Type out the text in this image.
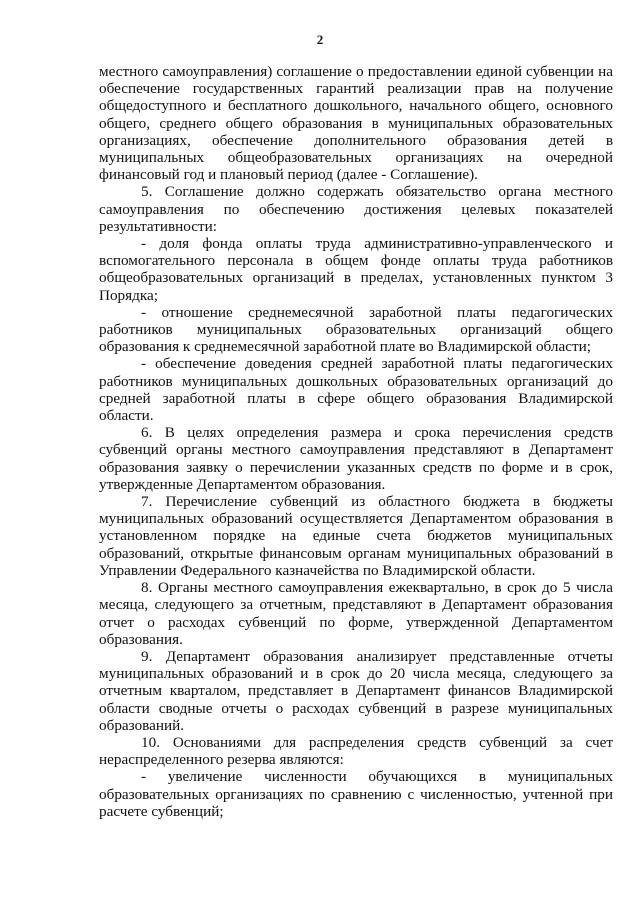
2

местного самоуправления) соглашение о предоставлении единой субвенции на обеспечение государственных гарантий реализации прав на получение общедоступного и бесплатного дошкольного, начального общего, основного общего, среднего общего образования в муниципальных образовательных организациях, обеспечение дополнительного образования детей в муниципальных общеобразовательных организациях на очередной финансовый год и плановый период (далее - Соглашение).

5. Соглашение должно содержать обязательство органа местного самоуправления по обеспечению достижения целевых показателей результативности:

- доля фонда оплаты труда административно-управленческого и вспомогательного персонала в общем фонде оплаты труда работников общеобразовательных организаций в пределах, установленных пунктом 3 Порядка;

- отношение среднемесячной заработной платы педагогических работников муниципальных образовательных организаций общего образования к среднемесячной заработной плате во Владимирской области;

- обеспечение доведения средней заработной платы педагогических работников муниципальных дошкольных образовательных организаций до средней заработной платы в сфере общего образования Владимирской области.

6. В целях определения размера и срока перечисления средств субвенций органы местного самоуправления представляют в Департамент образования заявку о перечислении указанных средств по форме и в срок, утвержденные Департаментом образования.

7. Перечисление субвенций из областного бюджета в бюджеты муниципальных образований осуществляется Департаментом образования в установленном порядке на единые счета бюджетов муниципальных образований, открытые финансовым органам муниципальных образований в Управлении Федерального казначейства по Владимирской области.

8. Органы местного самоуправления ежеквартально, в срок до 5 числа месяца, следующего за отчетным, представляют в Департамент образования отчет о расходах субвенций по форме, утвержденной Департаментом образования.

9. Департамент образования анализирует представленные отчеты муниципальных образований и в срок до 20 числа месяца, следующего за отчетным кварталом, представляет в Департамент финансов Владимирской области сводные отчеты о расходах субвенций в разрезе муниципальных образований.

10. Основаниями для распределения средств субвенций за счет нераспределенного резерва являются:

- увеличение численности обучающихся в муниципальных образовательных организациях по сравнению с численностью, учтенной при расчете субвенций;
